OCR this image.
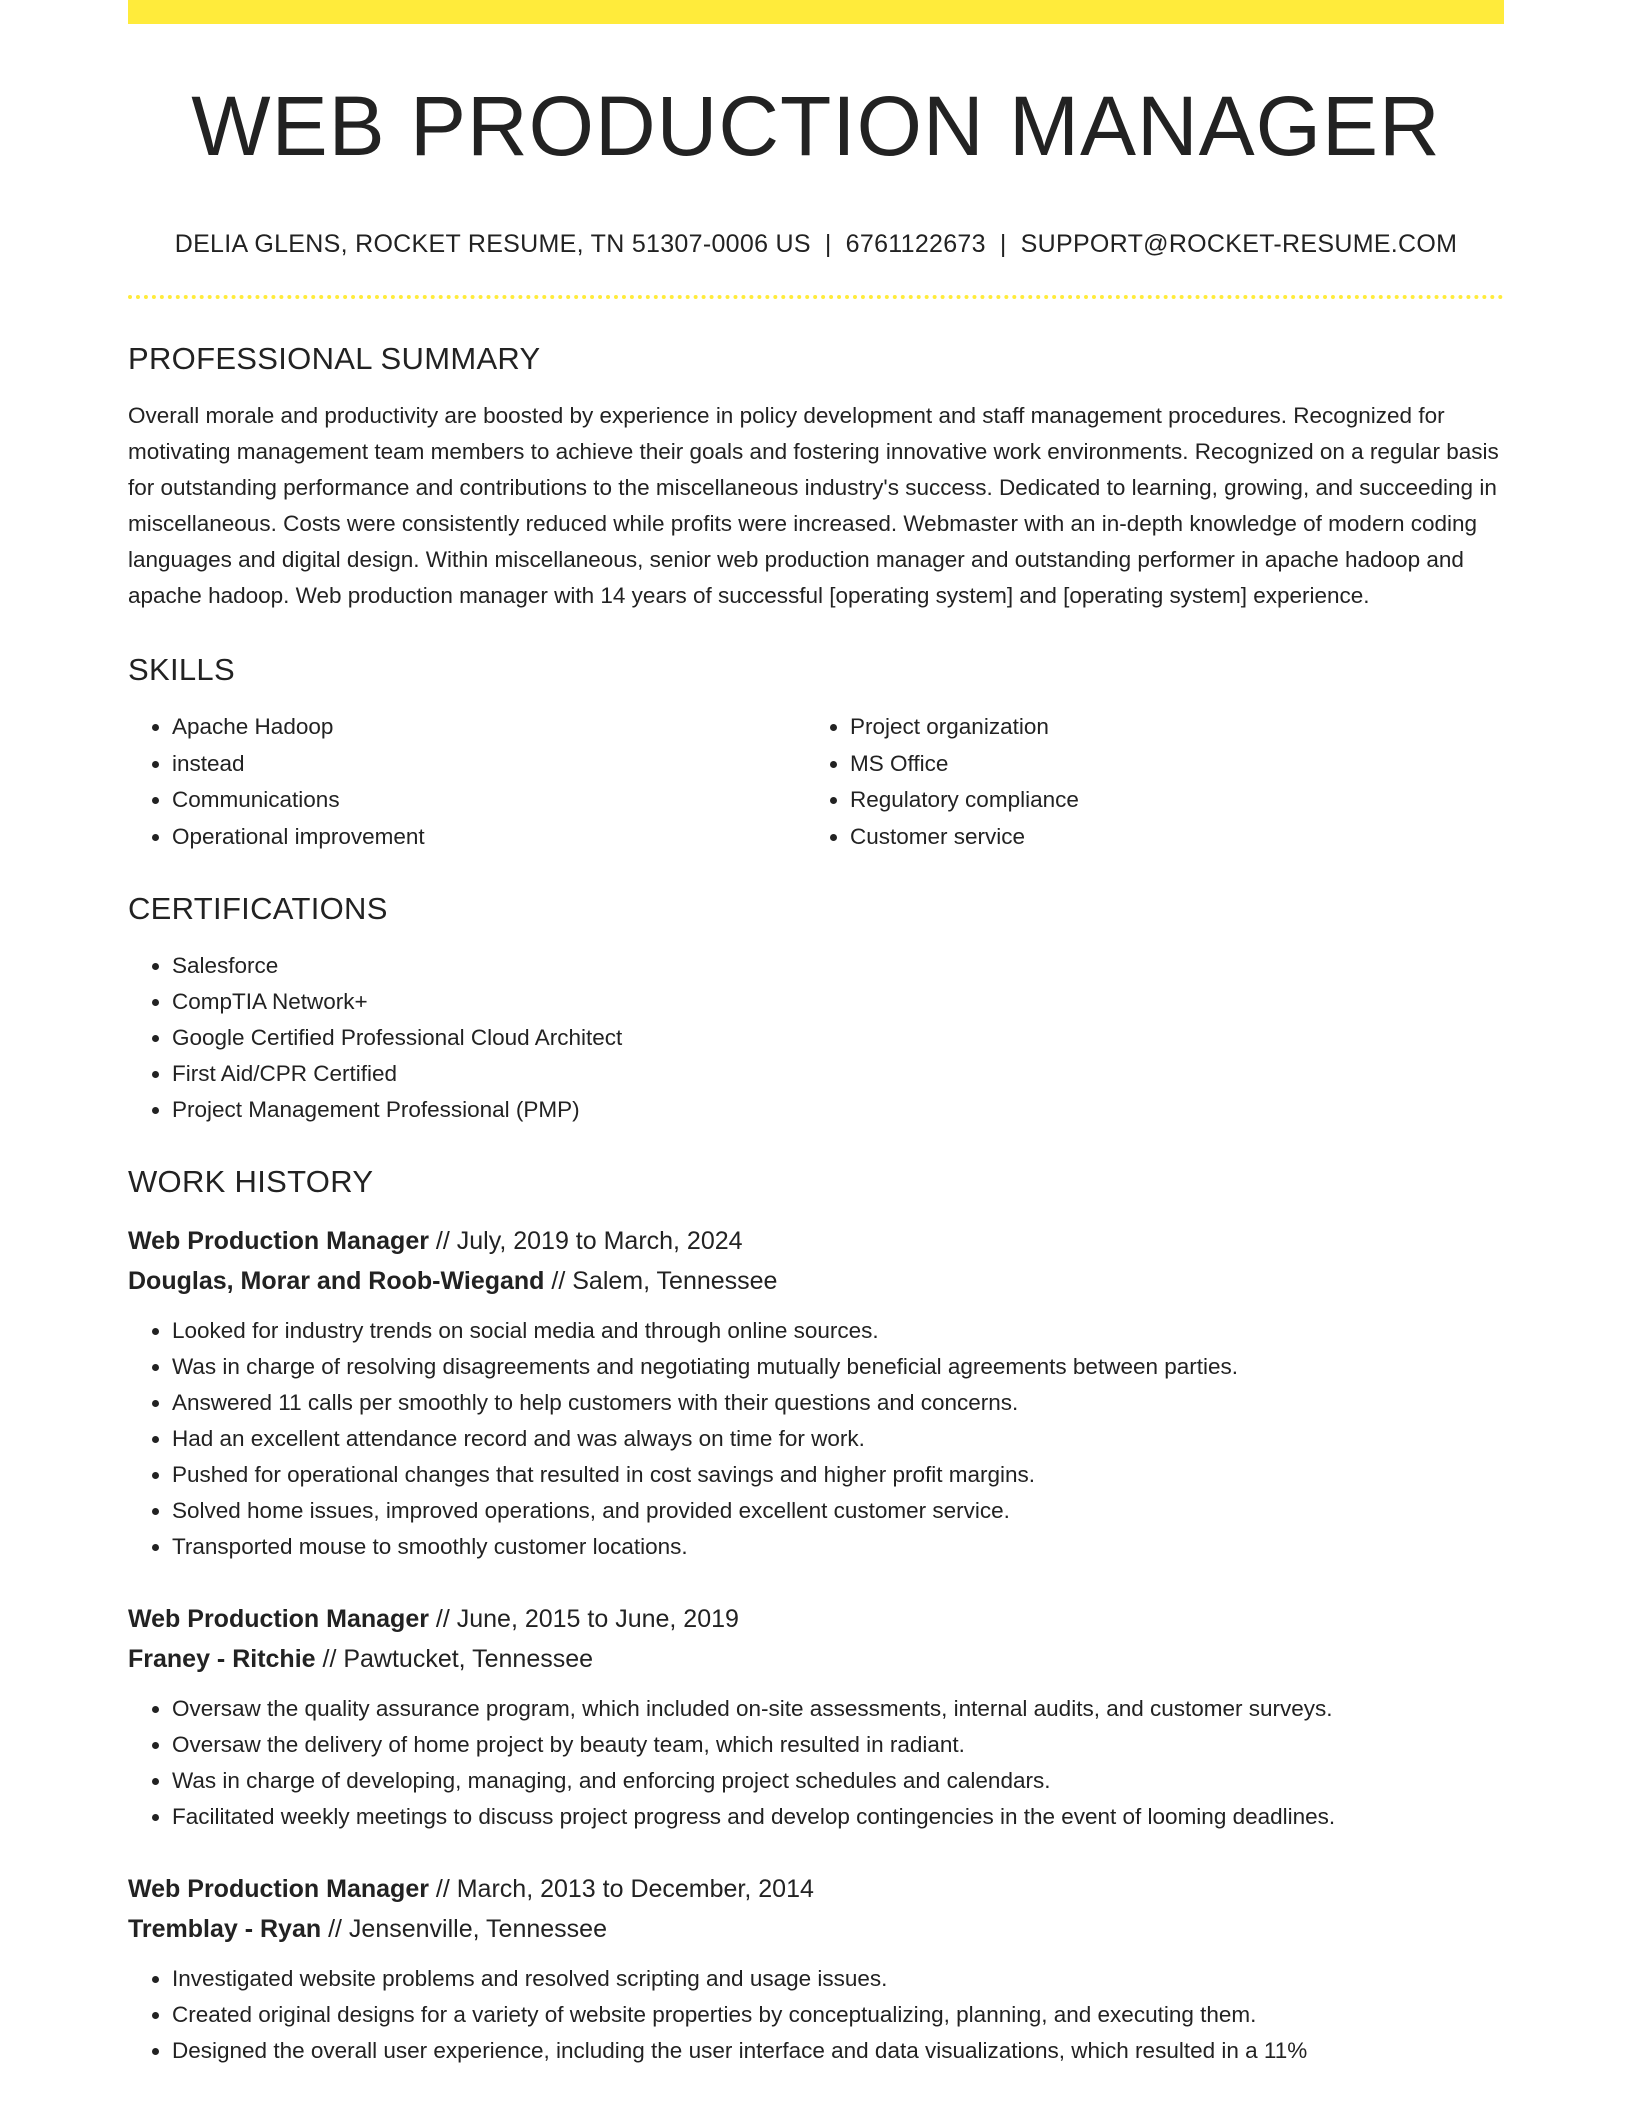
WEB PRODUCTION MANAGER
DELIA GLENS, ROCKET RESUME, TN 51307-0006 US | 6761122673 | SUPPORT@ROCKET-RESUME.COM
PROFESSIONAL SUMMARY
Overall morale and productivity are boosted by experience in policy development and staff management procedures. Recognized for motivating management team members to achieve their goals and fostering innovative work environments. Recognized on a regular basis for outstanding performance and contributions to the miscellaneous industry's success. Dedicated to learning, growing, and succeeding in miscellaneous. Costs were consistently reduced while profits were increased. Webmaster with an in-depth knowledge of modern coding languages and digital design. Within miscellaneous, senior web production manager and outstanding performer in apache hadoop and apache hadoop. Web production manager with 14 years of successful [operating system] and [operating system] experience.
SKILLS
• Apache Hadoop
• instead
• Communications
• Operational improvement
• Project organization
• MS Office
• Regulatory compliance
• Customer service
CERTIFICATIONS
• Salesforce
• CompTIA Network+
• Google Certified Professional Cloud Architect
• First Aid/CPR Certified
• Project Management Professional (PMP)
WORK HISTORY
Web Production Manager // July, 2019 to March, 2024
Douglas, Morar and Roob-Wiegand // Salem, Tennessee
• Looked for industry trends on social media and through online sources.
• Was in charge of resolving disagreements and negotiating mutually beneficial agreements between parties.
• Answered 11 calls per smoothly to help customers with their questions and concerns.
• Had an excellent attendance record and was always on time for work.
• Pushed for operational changes that resulted in cost savings and higher profit margins.
• Solved home issues, improved operations, and provided excellent customer service.
• Transported mouse to smoothly customer locations.
Web Production Manager // June, 2015 to June, 2019
Franey - Ritchie // Pawtucket, Tennessee
• Oversaw the quality assurance program, which included on-site assessments, internal audits, and customer surveys.
• Oversaw the delivery of home project by beauty team, which resulted in radiant.
• Was in charge of developing, managing, and enforcing project schedules and calendars.
• Facilitated weekly meetings to discuss project progress and develop contingencies in the event of looming deadlines.
Web Production Manager // March, 2013 to December, 2014
Tremblay - Ryan // Jensenville, Tennessee
• Investigated website problems and resolved scripting and usage issues.
• Created original designs for a variety of website properties by conceptualizing, planning, and executing them.
• Designed the overall user experience, including the user interface and data visualizations, which resulted in a 11%
